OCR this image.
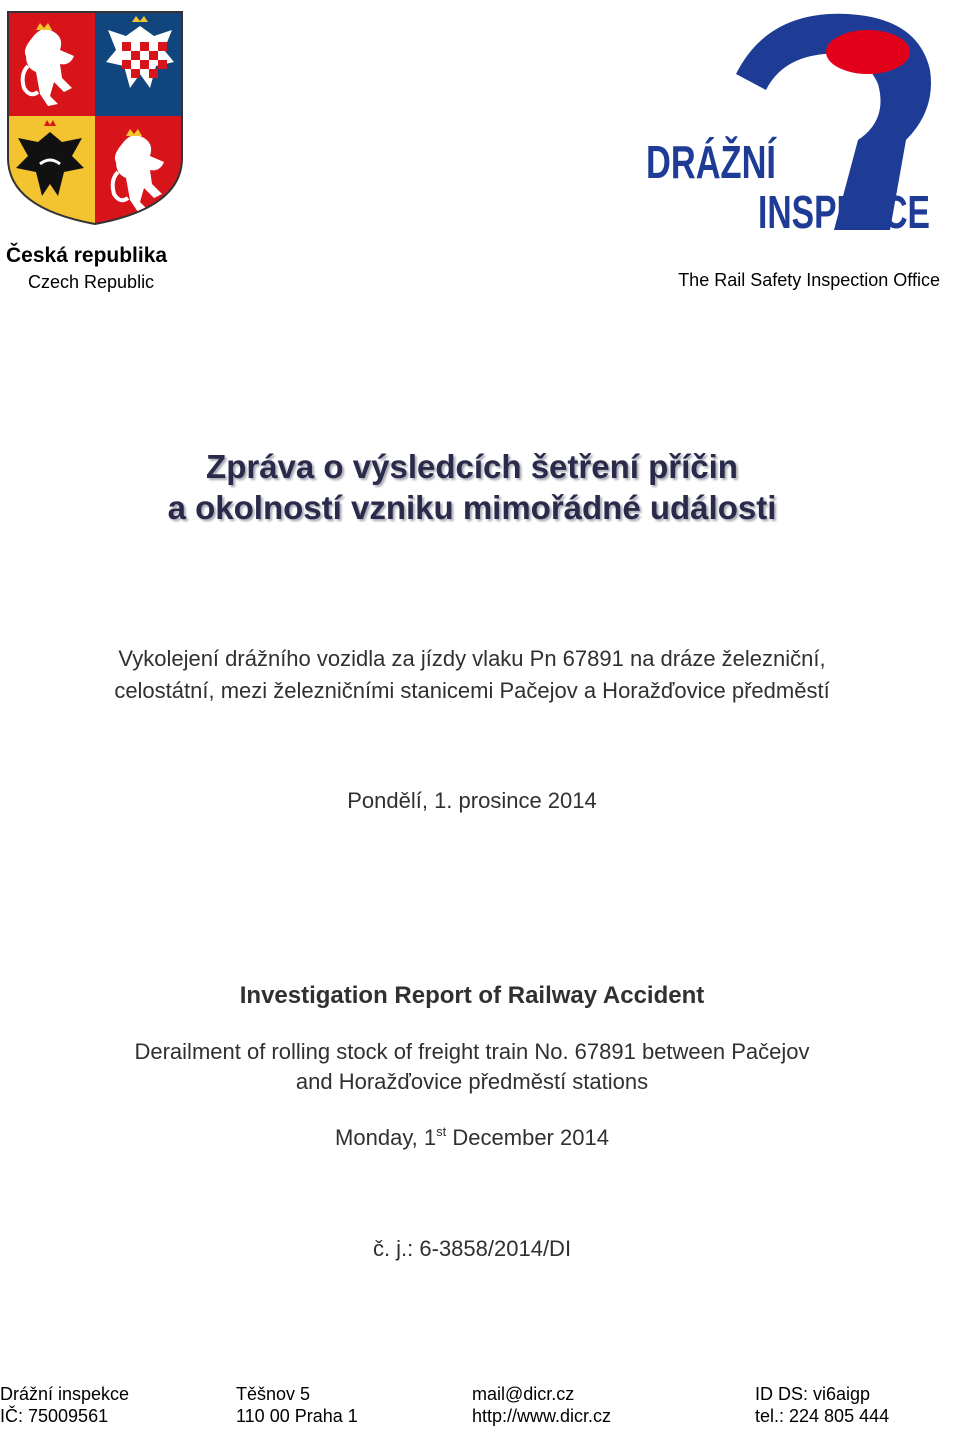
Česká republika
Czech Republic
DRÁŽNÍ
INSPEKCE
The Rail Safety Inspection Office
Zpráva o výsledcích šetření příčin
a okolností vzniku mimořádné události
Vykolejení drážního vozidla za jízdy vlaku Pn 67891 na dráze železniční,
celostátní, mezi železničními stanicemi Pačejov a Horažďovice předměstí
Pondělí, 1. prosince 2014
Investigation Report of Railway Accident
Derailment of rolling stock of freight train No. 67891 between Pačejov
and Horažďovice předměstí stations
Monday, 1st December 2014
č. j.: 6-3858/2014/DI
Drážní inspekce
IČ: 75009561
Těšnov 5
110 00 Praha 1
mail@dicr.cz
http://www.dicr.cz
ID DS: vi6aigp
tel.: 224 805 444
